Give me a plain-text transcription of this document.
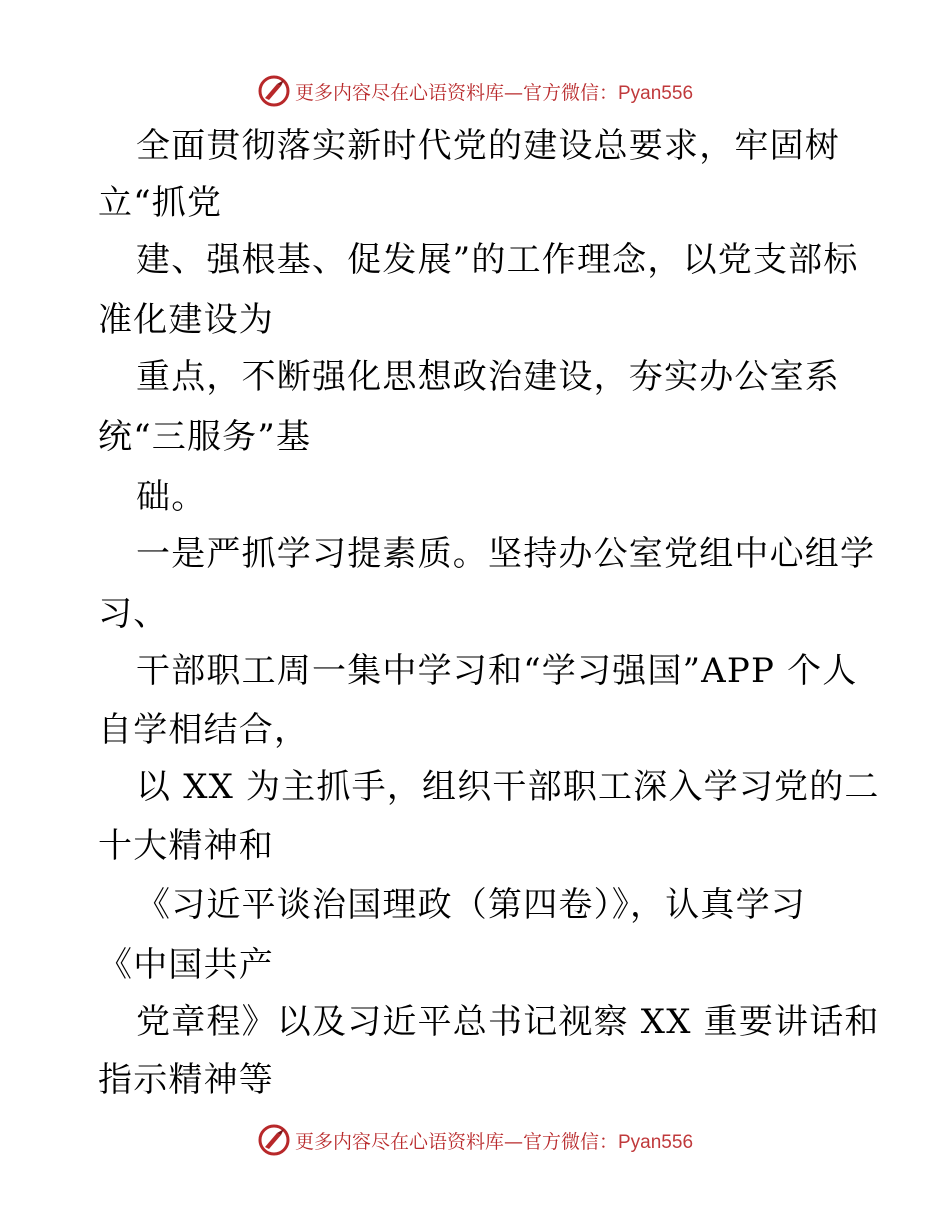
更多内容尽在心语资料库—官方微信：Pyan556
全面贯彻落实新时代党的建设总要求，牢固树
立“抓党
建、强根基、促发展”的工作理念，以党支部标
准化建设为
重点，不断强化思想政治建设，夯实办公室系
统“三服务”基
础。
一是严抓学习提素质。坚持办公室党组中心组学
习、
干部职工周一集中学习和“学习强国”APP 个人
自学相结合，
以 XX 为主抓手，组织干部职工深入学习党的二
十大精神和
《习近平谈治国理政（第四卷）》，认真学习
《中国共产
党章程》以及习近平总书记视察 XX 重要讲话和
指示精神等
更多内容尽在心语资料库—官方微信：Pyan556
